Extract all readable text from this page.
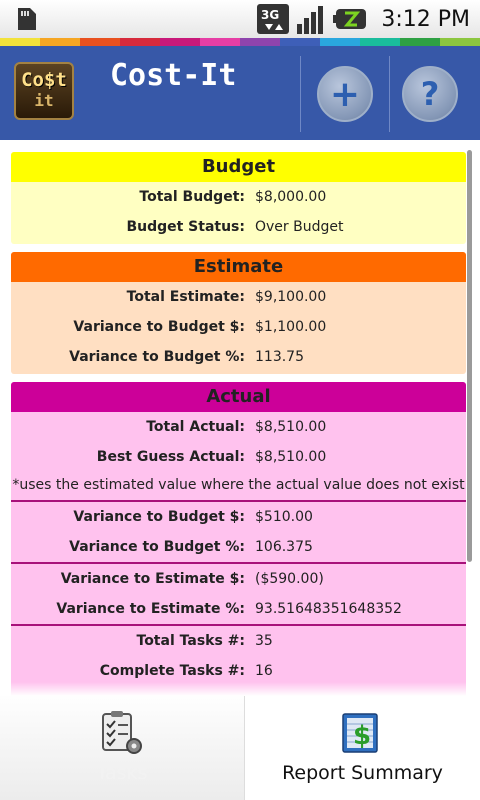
3G	3:12 PM
Co$t
it
Cost-It	+ ?
Budget
Total Budget: $8,000.00
Budget Status: Over Budget
Estimate
Total Estimate: $9,100.00
Variance to Budget $: $1,100.00
Variance to Budget %: 113.75
Actual
Total Actual: $8,510.00
Best Guess Actual: $8,510.00
*uses the estimated value where the actual value does not exist
Variance to Budget $: $510.00
Variance to Budget %: 106.375
Variance to Estimate $: ($590.00)
Variance to Estimate %: 93.51648351648352
Total Tasks #: 35
Complete Tasks #: 16
Tasks
$
Report Summary
